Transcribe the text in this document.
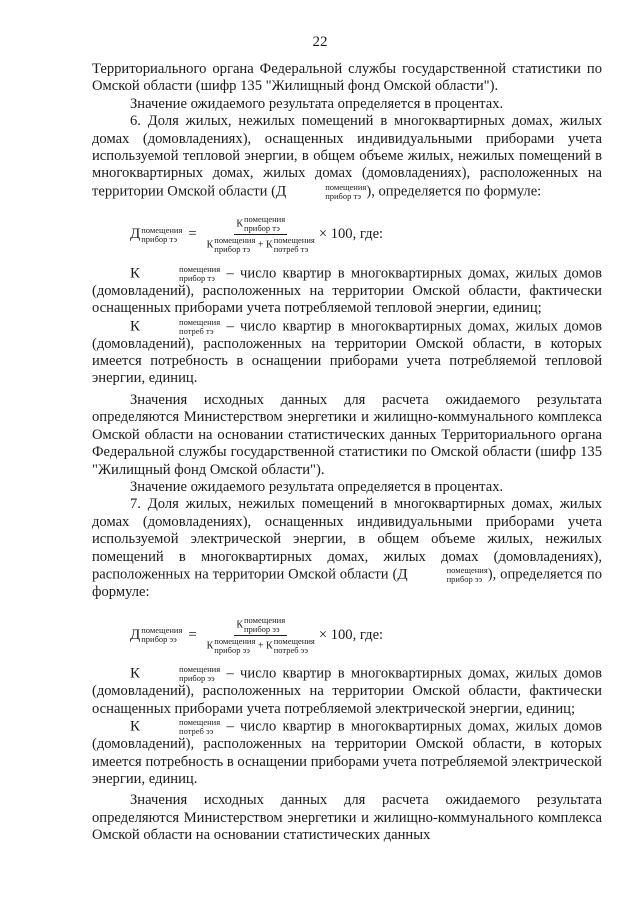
22

Территориального органа Федеральной службы государственной статистики по Омской области (шифр 135 "Жилищный фонд Омской области").

Значение ожидаемого результата определяется в процентах.

6. Доля жилых, нежилых помещений в многоквартирных домах, жилых домах (домовладениях), оснащенных индивидуальными приборами учета используемой тепловой энергии, в общем объеме жилых, нежилых помещений в многоквартирных домах, жилых домах (домовладениях), расположенных на территории Омской области (Д	помещения
прибор тэ ), определяется по формуле:

Д помещения
прибор тэ = К помещения
прибор тэ
К помещения
прибор тэ + К помещения
потреб тэ × 100, где:

К	помещения
прибор тэ – число квартир в многоквартирных домах, жилых домов (домовладений), расположенных на территории Омской области, фактически оснащенных приборами учета потребляемой тепловой энергии, единиц;

К	помещения
потреб тэ – число квартир в многоквартирных домах, жилых домов (домовладений), расположенных на территории Омской области, в которых имеется потребность в оснащении приборами учета потребляемой тепловой энергии, единиц.

Значения исходных данных для расчета ожидаемого результата определяются Министерством энергетики и жилищно-коммунального комплекса Омской области на основании статистических данных Территориального органа Федеральной службы государственной статистики по Омской области (шифр 135 "Жилищный фонд Омской области").

Значение ожидаемого результата определяется в процентах.

7. Доля жилых, нежилых помещений в многоквартирных домах, жилых домах (домовладениях), оснащенных индивидуальными приборами учета используемой электрической энергии, в общем объеме жилых, нежилых помещений в многоквартирных домах, жилых домах (домовладениях), расположенных на территории Омской области (Д	помещения
прибор ээ ), определяется по формуле:

Д помещения
прибор ээ = К помещения
прибор ээ
К помещения
прибор ээ + К помещения
потреб ээ × 100, где:

К	помещения
прибор ээ – число квартир в многоквартирных домах, жилых домов (домовладений), расположенных на территории Омской области, фактически оснащенных приборами учета потребляемой электрической энергии, единиц;

К	помещения
потреб ээ – число квартир в многоквартирных домах, жилых домов (домовладений), расположенных на территории Омской области, в которых имеется потребность в оснащении приборами учета потребляемой электрической энергии, единиц.

Значения исходных данных для расчета ожидаемого результата определяются Министерством энергетики и жилищно-коммунального комплекса Омской области на основании статистических данных
